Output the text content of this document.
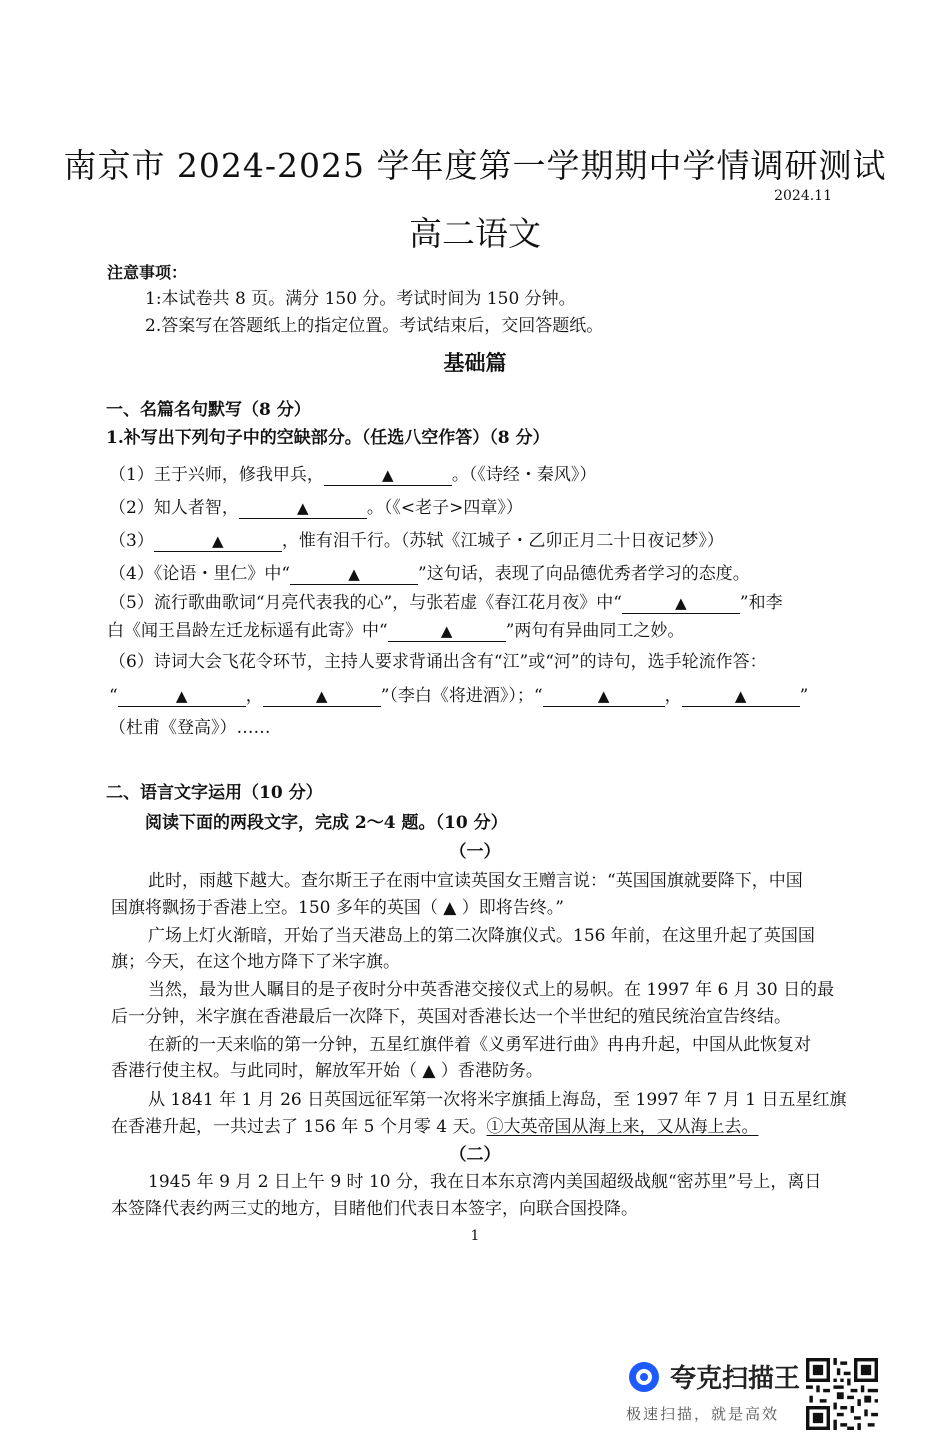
南京市 2024-2025 学年度第一学期期中学情调研测试
2024.11
高二语文
注意事项：
1:本试卷共 8 页。满分 150 分。考试时间为 150 分钟。
2.答案写在答题纸上的指定位置。考试结束后，交回答题纸。
基础篇
一、名篇名句默写（8 分）
1.补写出下列句子中的空缺部分。（任选八空作答）（8 分）
（1）王于兴师，修我甲兵，	▲	。（《诗经・秦风》）
（2）知人者智，	▲	。（《<老子>四章》）
（3）	▲	，惟有泪千行。（苏轼《江城子・乙卯正月二十日夜记梦》）
（4）《论语・里仁》中“	▲	”这句话，表现了向品德优秀者学习的态度。
（5）流行歌曲歌词“月亮代表我的心”，与张若虚《春江花月夜》中“	▲	”和李
白《闻王昌龄左迁龙标遥有此寄》中“	▲	”两句有异曲同工之妙。
（6）诗词大会飞花令环节，主持人要求背诵出含有“江”或“河”的诗句，选手轮流作答：
“	▲	，	▲	”（李白《将进酒》）；“	▲	，	▲	”
（杜甫《登高》）……
二、语言文字运用（10 分）
阅读下面的两段文字，完成 2～4 题。（10 分）
（一）
此时，雨越下越大。查尔斯王子在雨中宣读英国女王赠言说：“英国国旗就要降下，中国
国旗将飘扬于香港上空。150 多年的英国（ ▲ ）即将告终。”
广场上灯火渐暗，开始了当天港岛上的第二次降旗仪式。156 年前，在这里升起了英国国
旗；今天，在这个地方降下了米字旗。
当然，最为世人瞩目的是子夜时分中英香港交接仪式上的易帜。在 1997 年 6 月 30 日的最
后一分钟，米字旗在香港最后一次降下，英国对香港长达一个半世纪的殖民统治宣告终结。
在新的一天来临的第一分钟，五星红旗伴着《义勇军进行曲》冉冉升起，中国从此恢复对
香港行使主权。与此同时，解放军开始（ ▲ ）香港防务。
从 1841 年 1 月 26 日英国远征军第一次将米字旗插上海岛，至 1997 年 7 月 1 日五星红旗
在香港升起，一共过去了 156 年 5 个月零 4 天。①大英帝国从海上来，又从海上去。
（二）
1945 年 9 月 2 日上午 9 时 10 分，我在日本东京湾内美国超级战舰“密苏里”号上，离日
本签降代表约两三丈的地方，目睹他们代表日本签字，向联合国投降。
1
夸克扫描王
极速扫描，就是高效
